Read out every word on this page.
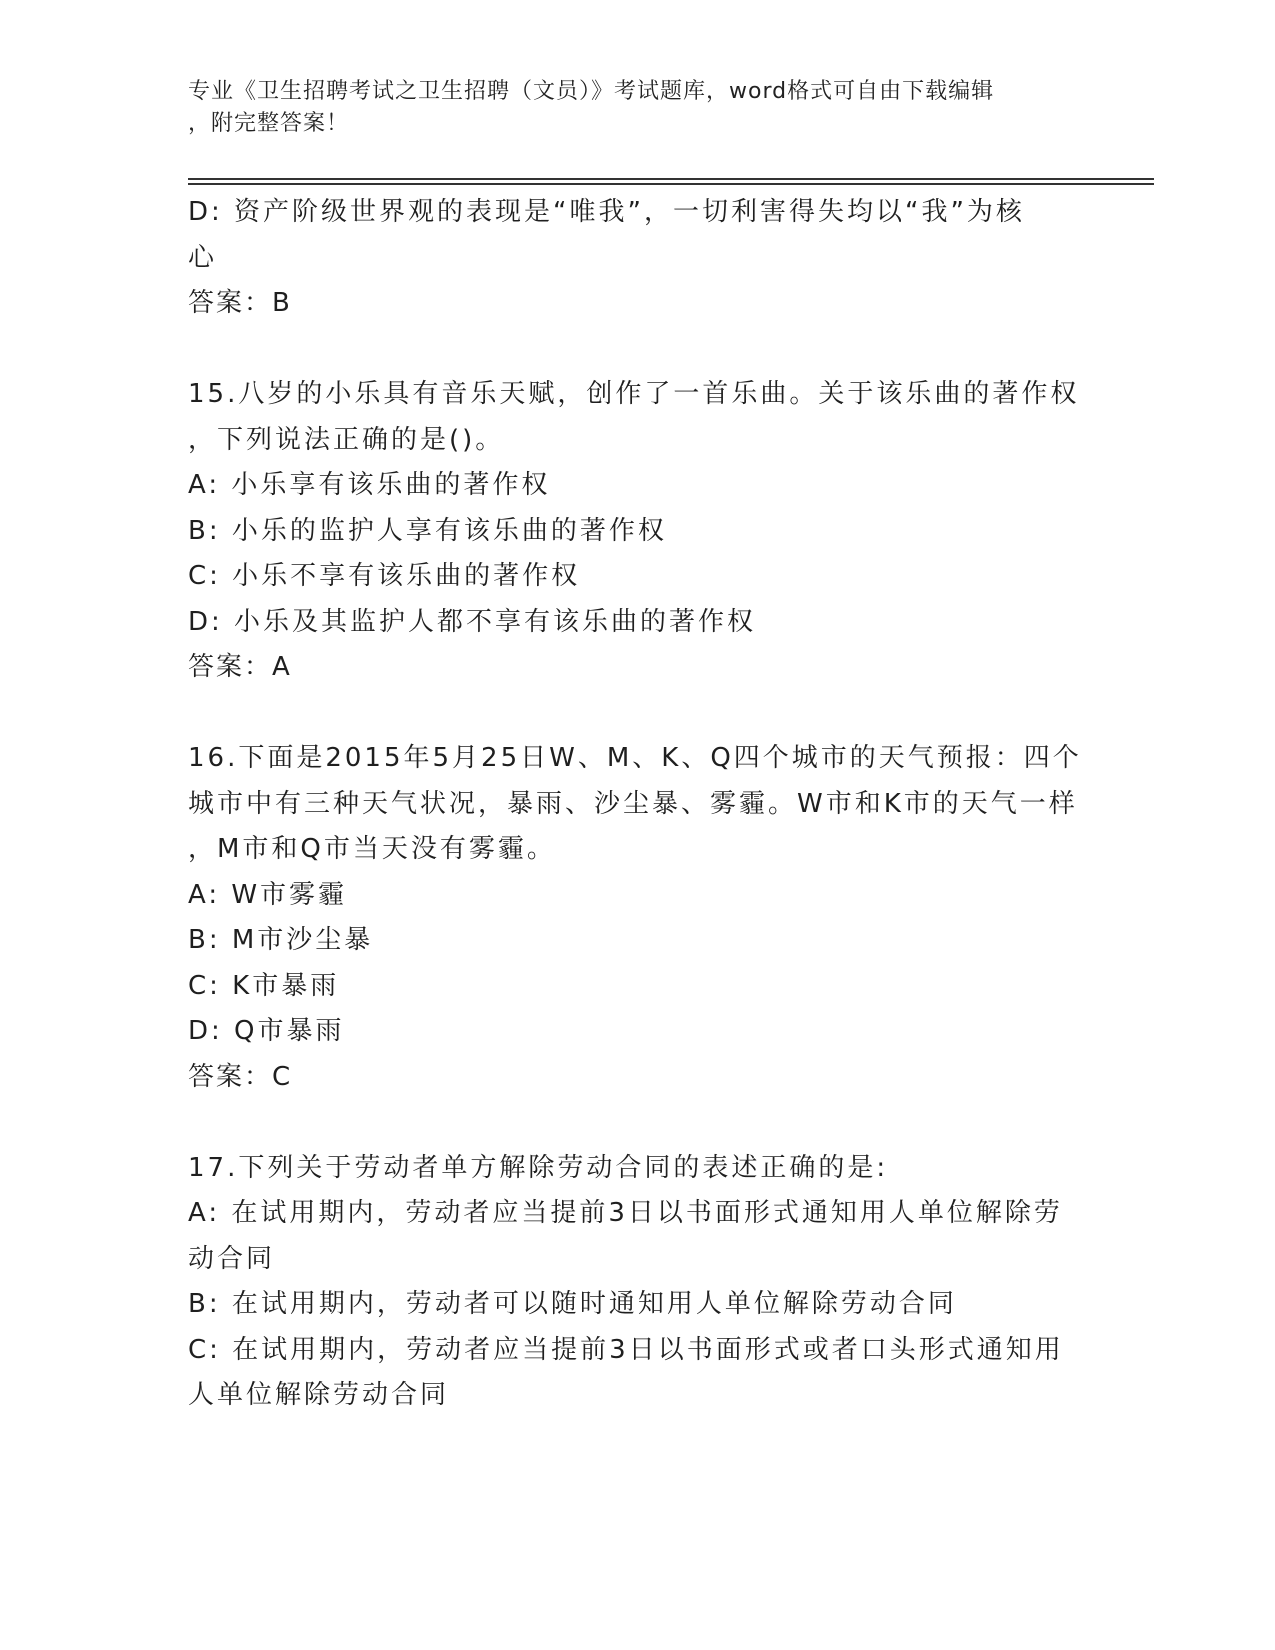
专业《卫生招聘考试之卫生招聘（文员）》考试题库，word格式可自由下载编辑
，附完整答案！
D: 资产阶级世界观的表现是“唯我”，一切利害得失均以“我”为核
心
答案：B
15.八岁的小乐具有音乐天赋，创作了一首乐曲。关于该乐曲的著作权
，下列说法正确的是()。
A: 小乐享有该乐曲的著作权
B: 小乐的监护人享有该乐曲的著作权
C: 小乐不享有该乐曲的著作权
D: 小乐及其监护人都不享有该乐曲的著作权
答案：A
16.下面是2015年5月25日W、M、K、Q四个城市的天气预报：四个
城市中有三种天气状况，暴雨、沙尘暴、雾霾。W市和K市的天气一样
，M市和Q市当天没有雾霾。
A: W市雾霾
B: M市沙尘暴
C: K市暴雨
D: Q市暴雨
答案：C
17.下列关于劳动者单方解除劳动合同的表述正确的是:
A: 在试用期内，劳动者应当提前3日以书面形式通知用人单位解除劳
动合同
B: 在试用期内，劳动者可以随时通知用人单位解除劳动合同
C: 在试用期内，劳动者应当提前3日以书面形式或者口头形式通知用
人单位解除劳动合同
